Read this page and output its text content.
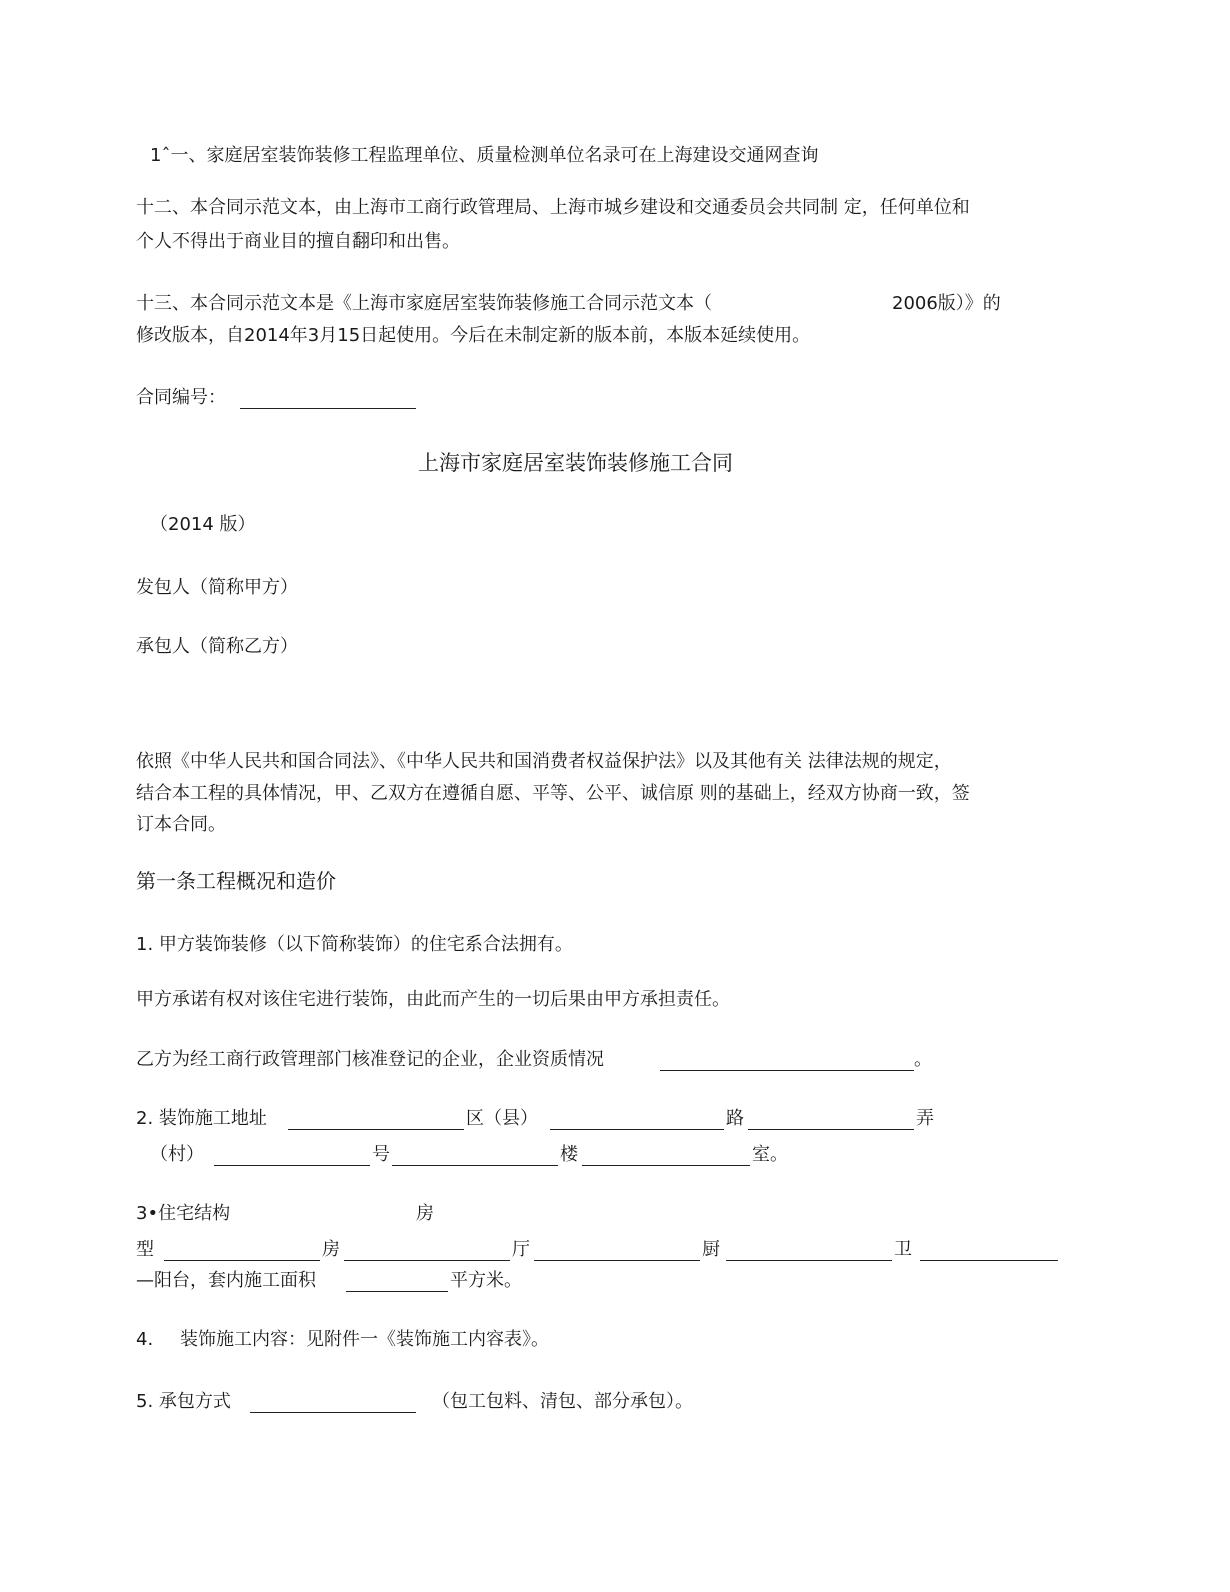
1ˆ一、家庭居室装饰装修工程监理单位、质量检测单位名录可在上海建设交通网查询
十二、本合同示范文本，由上海市工商行政管理局、上海市城乡建设和交通委员会共同制 定，任何单位和
个人不得出于商业目的擅自翻印和出售。
十三、本合同示范文本是《上海市家庭居室装饰装修施工合同示范文本（	2006版）》的
修改版本，自2014年3月15日起使用。今后在未制定新的版本前，本版本延续使用。
合同编号：
上海市家庭居室装饰装修施工合同
（2014 版）
发包人（简称甲方）
承包人（简称乙方）
依照《中华人民共和国合同法》、《中华人民共和国消费者权益保护法》以及其他有关 法律法规的规定，
结合本工程的具体情况，甲、乙双方在遵循自愿、平等、公平、诚信原 则的基础上，经双方协商一致，签
订本合同。
第一条工程概况和造价
1. 甲方装饰装修（以下简称装饰）的住宅系合法拥有。
甲方承诺有权对该住宅进行装饰，由此而产生的一切后果由甲方承担责任。
乙方为经工商行政管理部门核准登记的企业，企业资质情况	。
2. 装饰施工地址	区（县）	路	弄
（村）	号	楼	室。
3•住宅结构	房
型	房	厅	厨	卫
—阳台，套内施工面积	平方米。
4. 装饰施工内容：见附件一《装饰施工内容表》。
5. 承包方式	（包工包料、清包、部分承包）。
